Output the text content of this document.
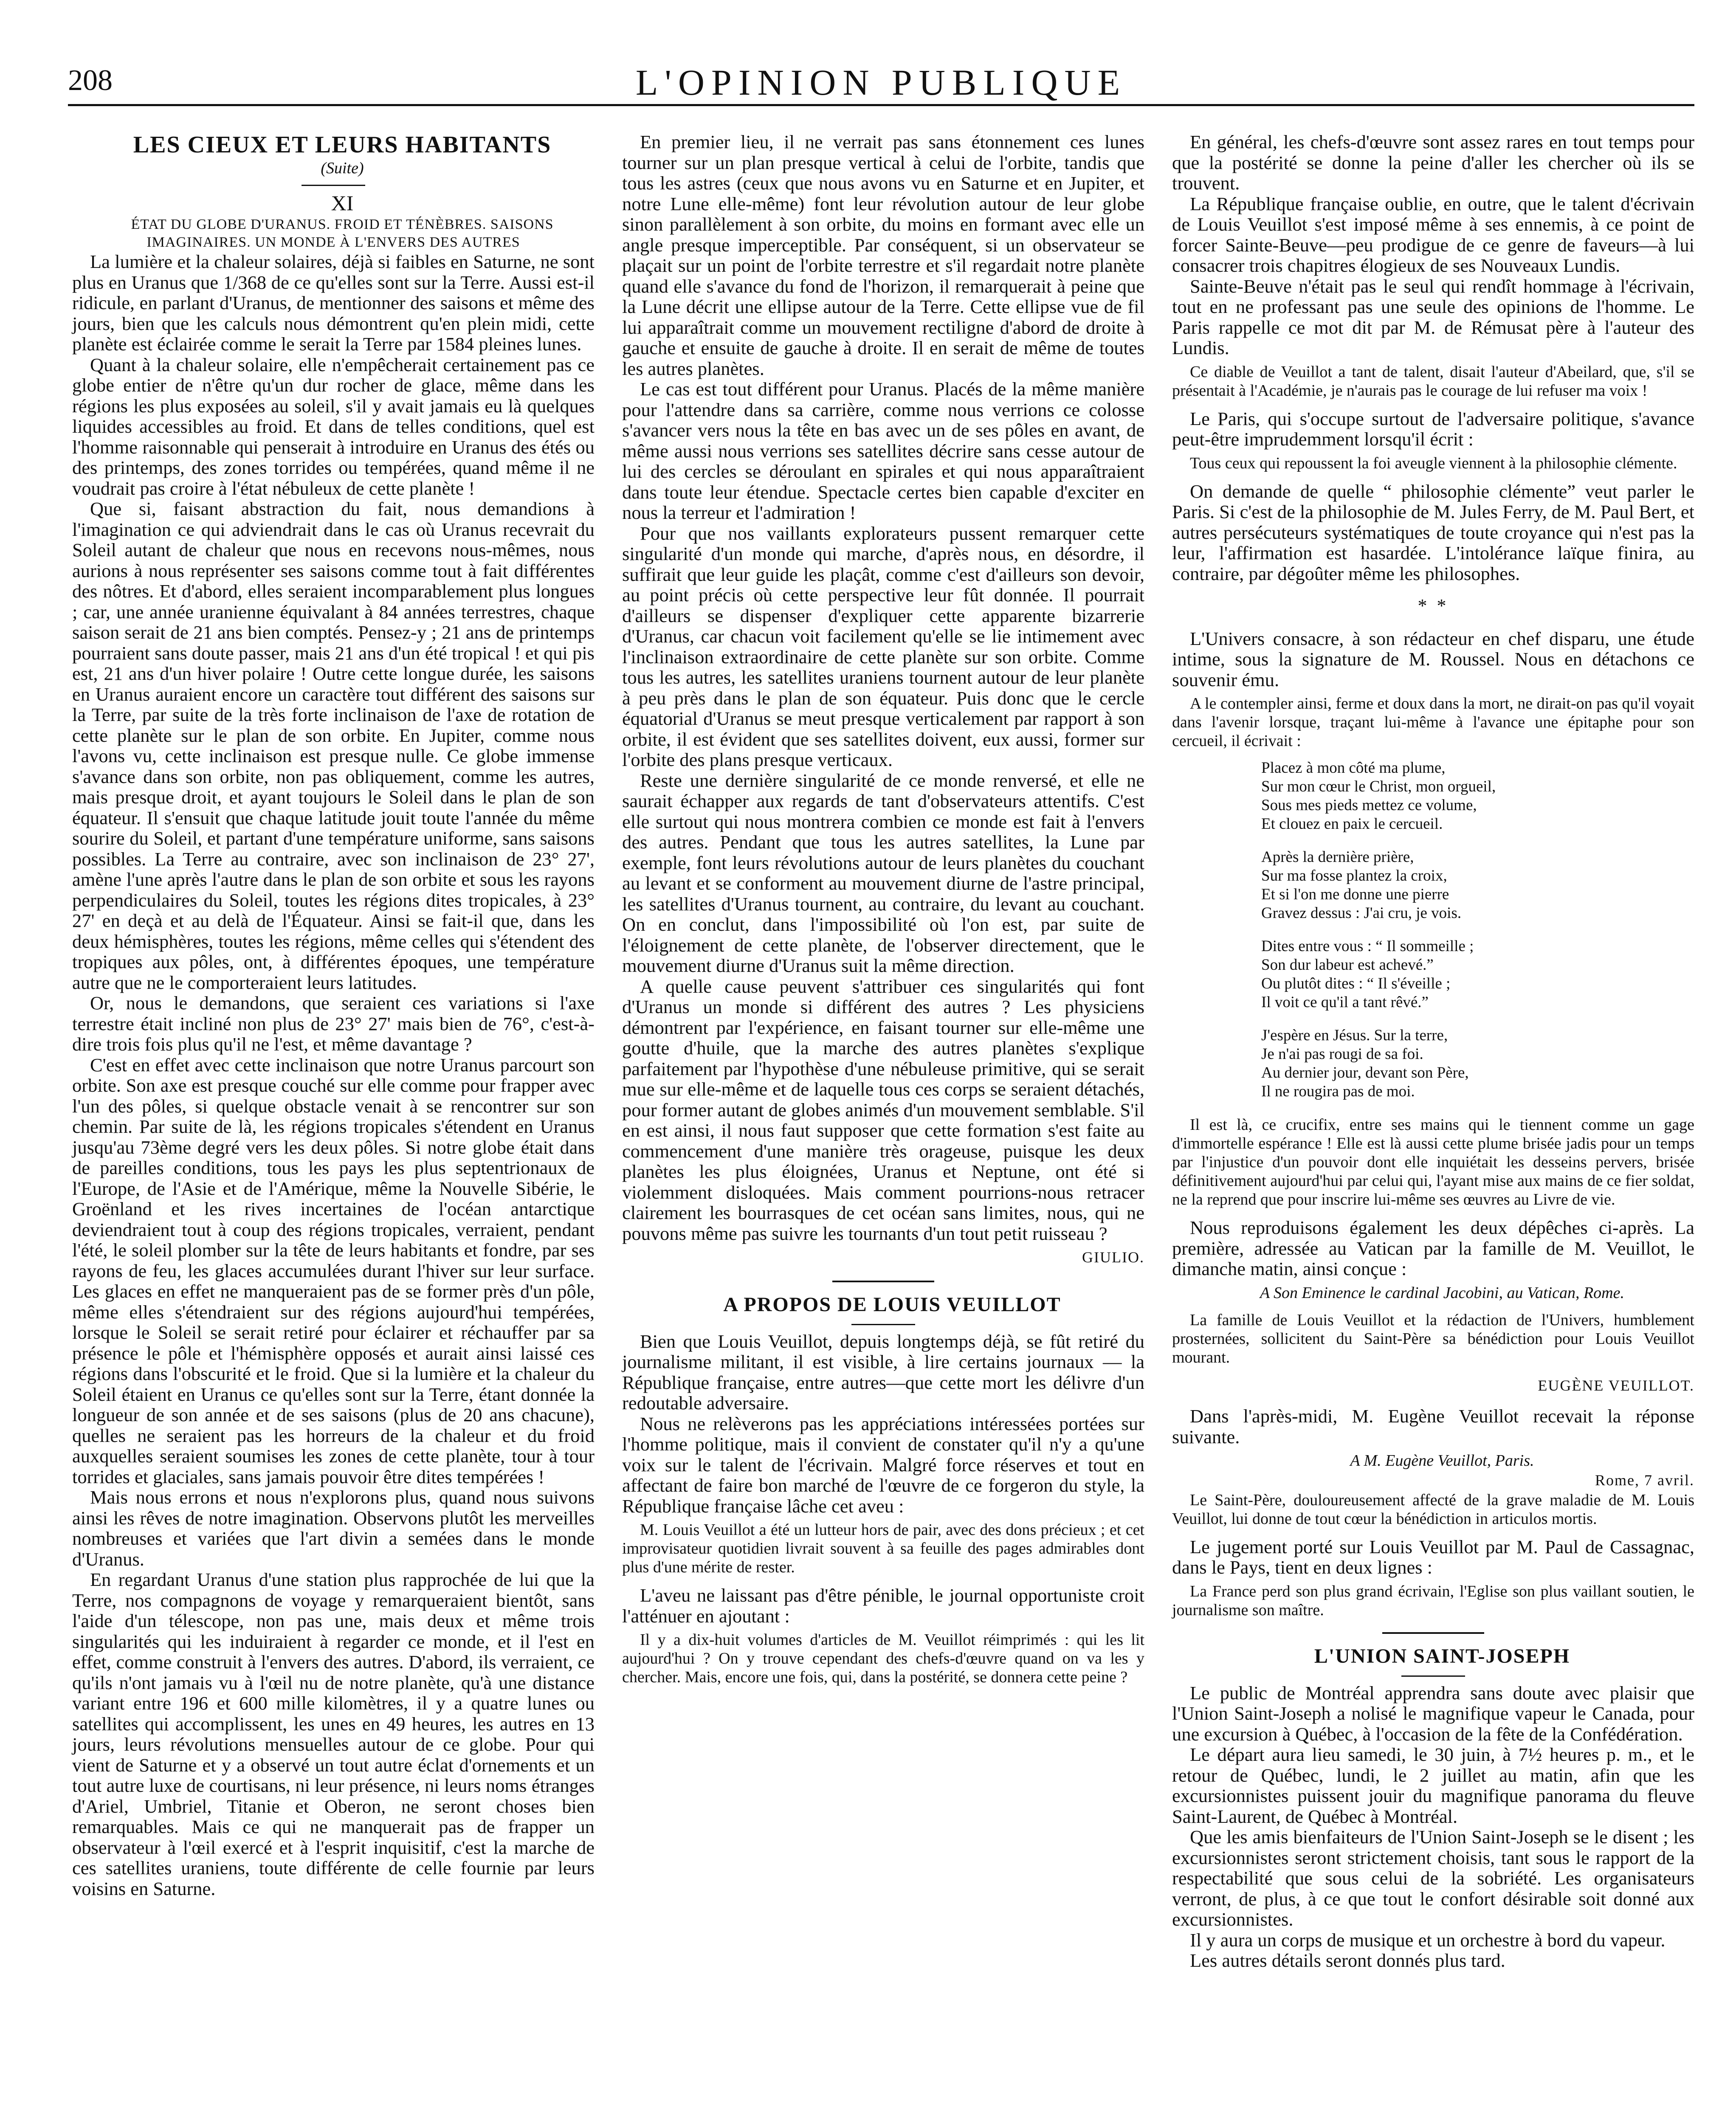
208	L'OPINION PUBLIQUE

LES CIEUX ET LEURS HABITANTS

(Suite)

XI

ÉTAT DU GLOBE D'URANUS. FROID ET TÉNÈBRES. SAISONS IMAGINAIRES. UN MONDE À L'ENVERS DES AUTRES

La lumière et la chaleur solaires, déjà si faibles en Saturne, ne sont plus en Uranus que 1/368 de ce qu'elles sont sur la Terre. Aussi est-il ridicule, en parlant d'Uranus, de mentionner des saisons et même des jours, bien que les calculs nous démontrent qu'en plein midi, cette planète est éclairée comme le serait la Terre par 1584 pleines lunes.

Quant à la chaleur solaire, elle n'empêcherait certainement pas ce globe entier de n'être qu'un dur rocher de glace, même dans les régions les plus exposées au soleil, s'il y avait jamais eu là quelques liquides accessibles au froid. Et dans de telles conditions, quel est l'homme raisonnable qui penserait à introduire en Uranus des étés ou des printemps, des zones torrides ou tempérées, quand même il ne voudrait pas croire à l'état nébuleux de cette planète !

Que si, faisant abstraction du fait, nous demandions à l'imagination ce qui adviendrait dans le cas où Uranus recevrait du Soleil autant de chaleur que nous en recevons nous-mêmes, nous aurions à nous représenter ses saisons comme tout à fait différentes des nôtres. Et d'abord, elles seraient incomparablement plus longues ; car, une année uranienne équivalant à 84 années terrestres, chaque saison serait de 21 ans bien comptés. Pensez-y ; 21 ans de printemps pourraient sans doute passer, mais 21 ans d'un été tropical ! et qui pis est, 21 ans d'un hiver polaire ! Outre cette longue durée, les saisons en Uranus auraient encore un caractère tout différent des saisons sur la Terre, par suite de la très forte inclinaison de l'axe de rotation de cette planète sur le plan de son orbite. En Jupiter, comme nous l'avons vu, cette inclinaison est presque nulle. Ce globe immense s'avance dans son orbite, non pas obliquement, comme les autres, mais presque droit, et ayant toujours le Soleil dans le plan de son équateur. Il s'ensuit que chaque latitude jouit toute l'année du même sourire du Soleil, et partant d'une température uniforme, sans saisons possibles. La Terre au contraire, avec son inclinaison de 23° 27', amène l'une après l'autre dans le plan de son orbite et sous les rayons perpendiculaires du Soleil, toutes les régions dites tropicales, à 23° 27' en deçà et au delà de l'Équateur. Ainsi se fait-il que, dans les deux hémisphères, toutes les régions, même celles qui s'étendent des tropiques aux pôles, ont, à différentes époques, une température autre que ne le comporteraient leurs latitudes.

Or, nous le demandons, que seraient ces variations si l'axe terrestre était incliné non plus de 23° 27' mais bien de 76°, c'est-à-dire trois fois plus qu'il ne l'est, et même davantage ?

C'est en effet avec cette inclinaison que notre Uranus parcourt son orbite. Son axe est presque couché sur elle comme pour frapper avec l'un des pôles, si quelque obstacle venait à se rencontrer sur son chemin. Par suite de là, les régions tropicales s'étendent en Uranus jusqu'au 73ème degré vers les deux pôles. Si notre globe était dans de pareilles conditions, tous les pays les plus septentrionaux de l'Europe, de l'Asie et de l'Amérique, même la Nouvelle Sibérie, le Groënland et les rives incertaines de l'océan antarctique deviendraient tout à coup des régions tropicales, verraient, pendant l'été, le soleil plomber sur la tête de leurs habitants et fondre, par ses rayons de feu, les glaces accumulées durant l'hiver sur leur surface. Les glaces en effet ne manqueraient pas de se former près d'un pôle, même elles s'étendraient sur des régions aujourd'hui tempérées, lorsque le Soleil se serait retiré pour éclairer et réchauffer par sa présence le pôle et l'hémisphère opposés et aurait ainsi laissé ces régions dans l'obscurité et le froid. Que si la lumière et la chaleur du Soleil étaient en Uranus ce qu'elles sont sur la Terre, étant donnée la longueur de son année et de ses saisons (plus de 20 ans chacune), quelles ne seraient pas les horreurs de la chaleur et du froid auxquelles seraient soumises les zones de cette planète, tour à tour torrides et glaciales, sans jamais pouvoir être dites tempérées !

Mais nous errons et nous n'explorons plus, quand nous suivons ainsi les rêves de notre imagination. Observons plutôt les merveilles nombreuses et variées que l'art divin a semées dans le monde d'Uranus.

En regardant Uranus d'une station plus rapprochée de lui que la Terre, nos compagnons de voyage y remarqueraient bientôt, sans l'aide d'un télescope, non pas une, mais deux et même trois singularités qui les induiraient à regarder ce monde, et il l'est en effet, comme construit à l'envers des autres. D'abord, ils verraient, ce qu'ils n'ont jamais vu à l'œil nu de notre planète, qu'à une distance variant entre 196 et 600 mille kilomètres, il y a quatre lunes ou satellites qui accomplissent, les unes en 49 heures, les autres en 13 jours, leurs révolutions mensuelles autour de ce globe. Pour qui vient de Saturne et y a observé un tout autre éclat d'ornements et un tout autre luxe de courtisans, ni leur présence, ni leurs noms étranges d'Ariel, Umbriel, Titanie et Oberon, ne seront choses bien remarquables. Mais ce qui ne manquerait pas de frapper un observateur à l'œil exercé et à l'esprit inquisitif, c'est la marche de ces satellites uraniens, toute différente de celle fournie par leurs voisins en Saturne.

En premier lieu, il ne verrait pas sans étonnement ces lunes tourner sur un plan presque vertical à celui de l'orbite, tandis que tous les astres (ceux que nous avons vu en Saturne et en Jupiter, et notre Lune elle-même) font leur révolution autour de leur globe sinon parallèlement à son orbite, du moins en formant avec elle un angle presque imperceptible. Par conséquent, si un observateur se plaçait sur un point de l'orbite terrestre et s'il regardait notre planète quand elle s'avance du fond de l'horizon, il remarquerait à peine que la Lune décrit une ellipse autour de la Terre. Cette ellipse vue de fil lui apparaîtrait comme un mouvement rectiligne d'abord de droite à gauche et ensuite de gauche à droite. Il en serait de même de toutes les autres planètes.

Le cas est tout différent pour Uranus. Placés de la même manière pour l'attendre dans sa carrière, comme nous verrions ce colosse s'avancer vers nous la tête en bas avec un de ses pôles en avant, de même aussi nous verrions ses satellites décrire sans cesse autour de lui des cercles se déroulant en spirales et qui nous apparaîtraient dans toute leur étendue. Spectacle certes bien capable d'exciter en nous la terreur et l'admiration !

Pour que nos vaillants explorateurs pussent remarquer cette singularité d'un monde qui marche, d'après nous, en désordre, il suffirait que leur guide les plaçât, comme c'est d'ailleurs son devoir, au point précis où cette perspective leur fût donnée. Il pourrait d'ailleurs se dispenser d'expliquer cette apparente bizarrerie d'Uranus, car chacun voit facilement qu'elle se lie intimement avec l'inclinaison extraordinaire de cette planète sur son orbite. Comme tous les autres, les satellites uraniens tournent autour de leur planète à peu près dans le plan de son équateur. Puis donc que le cercle équatorial d'Uranus se meut presque verticalement par rapport à son orbite, il est évident que ses satellites doivent, eux aussi, former sur l'orbite des plans presque verticaux.

Reste une dernière singularité de ce monde renversé, et elle ne saurait échapper aux regards de tant d'observateurs attentifs. C'est elle surtout qui nous montrera combien ce monde est fait à l'envers des autres. Pendant que tous les autres satellites, la Lune par exemple, font leurs révolutions autour de leurs planètes du couchant au levant et se conforment au mouvement diurne de l'astre principal, les satellites d'Uranus tournent, au contraire, du levant au couchant. On en conclut, dans l'impossibilité où l'on est, par suite de l'éloignement de cette planète, de l'observer directement, que le mouvement diurne d'Uranus suit la même direction.

A quelle cause peuvent s'attribuer ces singularités qui font d'Uranus un monde si différent des autres ? Les physiciens démontrent par l'expérience, en faisant tourner sur elle-même une goutte d'huile, que la marche des autres planètes s'explique parfaitement par l'hypothèse d'une nébuleuse primitive, qui se serait mue sur elle-même et de laquelle tous ces corps se seraient détachés, pour former autant de globes animés d'un mouvement semblable. S'il en est ainsi, il nous faut supposer que cette formation s'est faite au commencement d'une manière très orageuse, puisque les deux planètes les plus éloignées, Uranus et Neptune, ont été si violemment disloquées. Mais comment pourrions-nous retracer clairement les bourrasques de cet océan sans limites, nous, qui ne pouvons même pas suivre les tournants d'un tout petit ruisseau ?

GIULIO.

A PROPOS DE LOUIS VEUILLOT

Bien que Louis Veuillot, depuis longtemps déjà, se fût retiré du journalisme militant, il est visible, à lire certains journaux — la République française, entre autres—que cette mort les délivre d'un redoutable adversaire.

Nous ne relèverons pas les appréciations intéressées portées sur l'homme politique, mais il convient de constater qu'il n'y a qu'une voix sur le talent de l'écrivain. Malgré force réserves et tout en affectant de faire bon marché de l'œuvre de ce forgeron du style, la République française lâche cet aveu :

M. Louis Veuillot a été un lutteur hors de pair, avec des dons précieux ; et cet improvisateur quotidien livrait souvent à sa feuille des pages admirables dont plus d'une mérite de rester.

L'aveu ne laissant pas d'être pénible, le journal opportuniste croit l'atténuer en ajoutant :

Il y a dix-huit volumes d'articles de M. Veuillot réimprimés : qui les lit aujourd'hui ? On y trouve cependant des chefs-d'œuvre quand on va les y chercher. Mais, encore une fois, qui, dans la postérité, se donnera cette peine ?

En général, les chefs-d'œuvre sont assez rares en tout temps pour que la postérité se donne la peine d'aller les chercher où ils se trouvent.

La République française oublie, en outre, que le talent d'écrivain de Louis Veuillot s'est imposé même à ses ennemis, à ce point de forcer Sainte-Beuve—peu prodigue de ce genre de faveurs—à lui consacrer trois chapitres élogieux de ses Nouveaux Lundis.

Sainte-Beuve n'était pas le seul qui rendît hommage à l'écrivain, tout en ne professant pas une seule des opinions de l'homme. Le Paris rappelle ce mot dit par M. de Rémusat père à l'auteur des Lundis.

Ce diable de Veuillot a tant de talent, disait l'auteur d'Abeilard, que, s'il se présentait à l'Académie, je n'aurais pas le courage de lui refuser ma voix !

Le Paris, qui s'occupe surtout de l'adversaire politique, s'avance peut-être imprudemment lorsqu'il écrit :

Tous ceux qui repoussent la foi aveugle viennent à la philosophie clémente.

On demande de quelle “ philosophie clémente” veut parler le Paris. Si c'est de la philosophie de M. Jules Ferry, de M. Paul Bert, et autres persécuteurs systématiques de toute croyance qui n'est pas la leur, l'affirmation est hasardée. L'intolérance laïque finira, au contraire, par dégoûter même les philosophes.

* *

L'Univers consacre, à son rédacteur en chef disparu, une étude intime, sous la signature de M. Roussel. Nous en détachons ce souvenir ému.

A le contempler ainsi, ferme et doux dans la mort, ne dirait-on pas qu'il voyait dans l'avenir lorsque, traçant lui-même à l'avance une épitaphe pour son cercueil, il écrivait :

Placez à mon côté ma plume,
Sur mon cœur le Christ, mon orgueil,
Sous mes pieds mettez ce volume,
Et clouez en paix le cercueil.
Après la dernière prière,
Sur ma fosse plantez la croix,
Et si l'on me donne une pierre
Gravez dessus : J'ai cru, je vois.
Dites entre vous : “ Il sommeille ;
Son dur labeur est achevé.”
Ou plutôt dites : “ Il s'éveille ;
Il voit ce qu'il a tant rêvé.”
J'espère en Jésus. Sur la terre,
Je n'ai pas rougi de sa foi.
Au dernier jour, devant son Père,
Il ne rougira pas de moi.

Il est là, ce crucifix, entre ses mains qui le tiennent comme un gage d'immortelle espérance ! Elle est là aussi cette plume brisée jadis pour un temps par l'injustice d'un pouvoir dont elle inquiétait les desseins pervers, brisée définitivement aujourd'hui par celui qui, l'ayant mise aux mains de ce fier soldat, ne la reprend que pour inscrire lui-même ses œuvres au Livre de vie.

Nous reproduisons également les deux dépêches ci-après. La première, adressée au Vatican par la famille de M. Veuillot, le dimanche matin, ainsi conçue :

A Son Eminence le cardinal Jacobini, au Vatican, Rome.

La famille de Louis Veuillot et la rédaction de l'Univers, humblement prosternées, sollicitent du Saint-Père sa bénédiction pour Louis Veuillot mourant.

EUGÈNE VEUILLOT.

Dans l'après-midi, M. Eugène Veuillot recevait la réponse suivante.

A M. Eugène Veuillot, Paris.

Rome, 7 avril.

Le Saint-Père, douloureusement affecté de la grave maladie de M. Louis Veuillot, lui donne de tout cœur la bénédiction in articulos mortis.

Le jugement porté sur Louis Veuillot par M. Paul de Cassagnac, dans le Pays, tient en deux lignes :

La France perd son plus grand écrivain, l'Eglise son plus vaillant soutien, le journalisme son maître.

L'UNION SAINT-JOSEPH

Le public de Montréal apprendra sans doute avec plaisir que l'Union Saint-Joseph a nolisé le magnifique vapeur le Canada, pour une excursion à Québec, à l'occasion de la fête de la Confédération.

Le départ aura lieu samedi, le 30 juin, à 7½ heures p. m., et le retour de Québec, lundi, le 2 juillet au matin, afin que les excursionnistes puissent jouir du magnifique panorama du fleuve Saint-Laurent, de Québec à Montréal.

Que les amis bienfaiteurs de l'Union Saint-Joseph se le disent ; les excursionnistes seront strictement choisis, tant sous le rapport de la respectabilité que sous celui de la sobriété. Les organisateurs verront, de plus, à ce que tout le confort désirable soit donné aux excursionnistes.

Il y aura un corps de musique et un orchestre à bord du vapeur.

Les autres détails seront donnés plus tard.
